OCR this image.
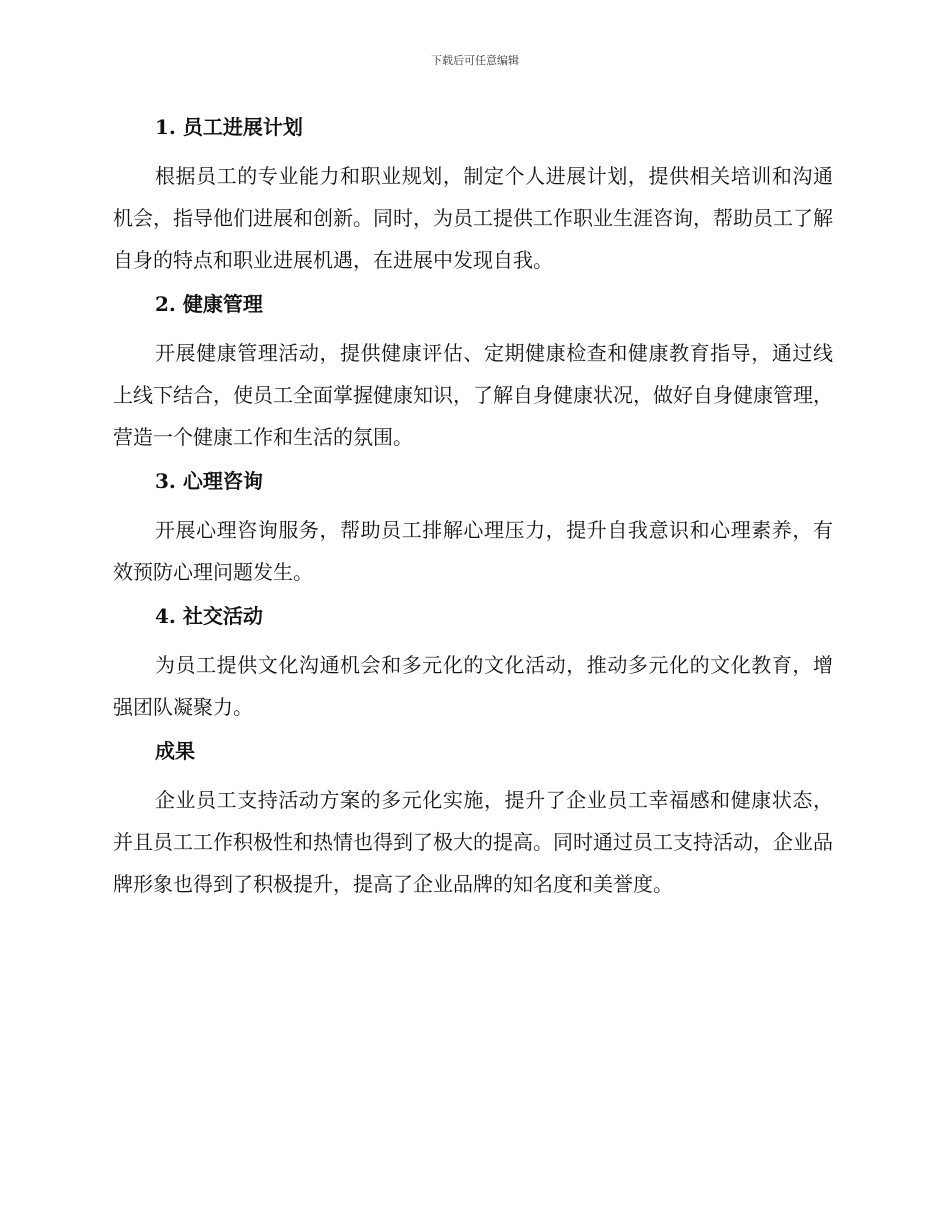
下载后可任意编辑
1. 员工进展计划

根据员工的专业能力和职业规划，制定个人进展计划，提供相关培训和沟通机会，指导他们进展和创新。同时，为员工提供工作职业生涯咨询，帮助员工了解自身的特点和职业进展机遇，在进展中发现自我。

2. 健康管理

开展健康管理活动，提供健康评估、定期健康检查和健康教育指导，通过线上线下结合，使员工全面掌握健康知识，了解自身健康状况，做好自身健康管理，营造一个健康工作和生活的氛围。

3. 心理咨询

开展心理咨询服务，帮助员工排解心理压力，提升自我意识和心理素养，有效预防心理问题发生。

4. 社交活动

为员工提供文化沟通机会和多元化的文化活动，推动多元化的文化教育，增强团队凝聚力。

成果

企业员工支持活动方案的多元化实施，提升了企业员工幸福感和健康状态，并且员工工作积极性和热情也得到了极大的提高。同时通过员工支持活动，企业品牌形象也得到了积极提升，提高了企业品牌的知名度和美誉度。
